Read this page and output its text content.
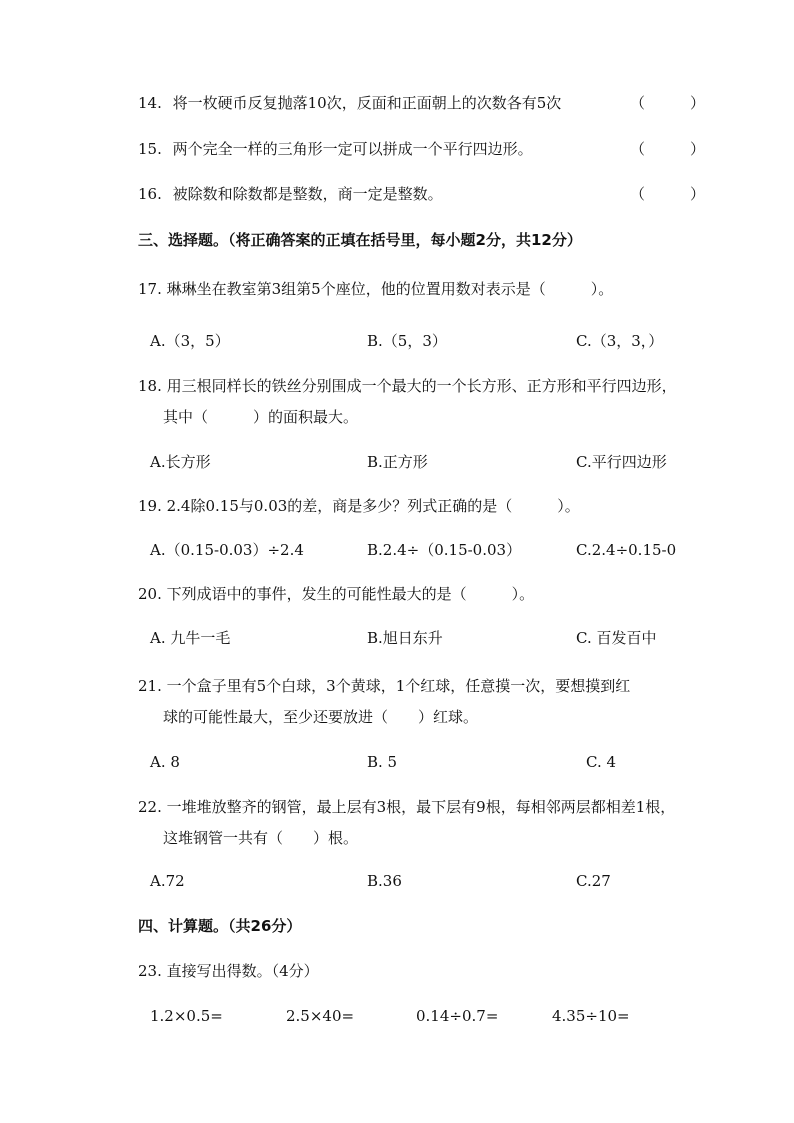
14. 将一枚硬币反复抛落10次，反面和正面朝上的次数各有5次	（　　　）
15. 两个完全一样的三角形一定可以拼成一个平行四边形。	（　　　）
16. 被除数和除数都是整数，商一定是整数。	（　　　）
三、选择题。（将正确答案的正填在括号里，每小题2分，共12分）
17. 琳琳坐在教室第3组第5个座位，他的位置用数对表示是（　　　）。
A.（3，5）	B.（5，3）	C.（3，3，）
18. 用三根同样长的铁丝分别围成一个最大的一个长方形、正方形和平行四边形，
其中（　　　）的面积最大。
A.长方形	B.正方形	C.平行四边形
19. 2.4除0.15与0.03的差，商是多少？列式正确的是（　　　）。
A.（0.15-0.03）÷2.4	B.2.4÷（0.15-0.03）	C.2.4÷0.15-0
20. 下列成语中的事件，发生的可能性最大的是（　　　）。
A. 九牛一毛	B.旭日东升	C. 百发百中
21. 一个盒子里有5个白球，3个黄球，1个红球，任意摸一次，要想摸到红
球的可能性最大，至少还要放进（　　）红球。
A. 8	B. 5	C. 4
22. 一堆堆放整齐的钢管，最上层有3根，最下层有9根，每相邻两层都相差1根，
这堆钢管一共有（　　）根。
A.72	B.36	C.27
四、计算题。（共26分）
23. 直接写出得数。（4分）
1.2×0.5=	2.5×40=	0.14÷0.7=	4.35÷10=
